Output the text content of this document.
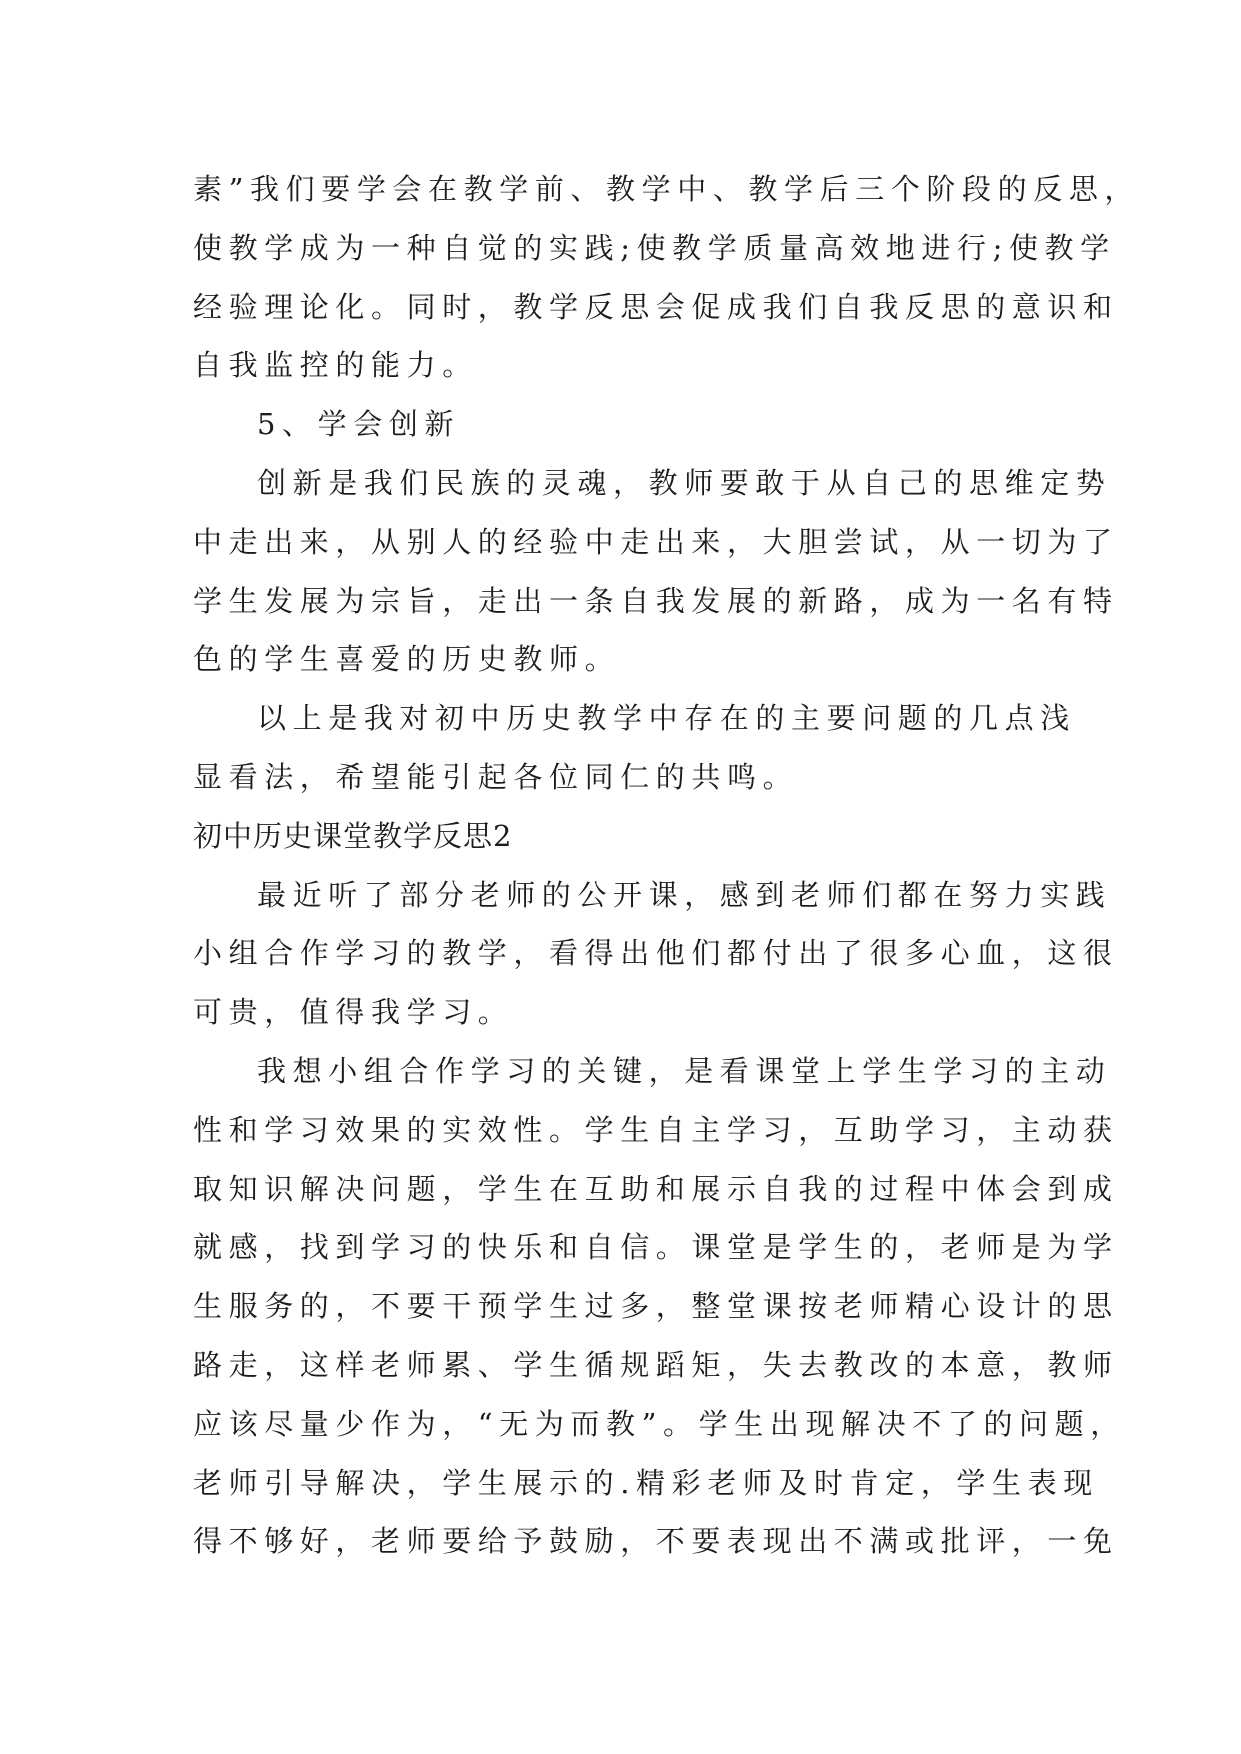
素”我们要学会在教学前、教学中、教学后三个阶段的反思，
使教学成为一种自觉的实践;使教学质量高效地进行;使教学
经验理论化。同时，教学反思会促成我们自我反思的意识和
自我监控的能力。
5、学会创新
创新是我们民族的灵魂，教师要敢于从自己的思维定势
中走出来，从别人的经验中走出来，大胆尝试，从一切为了
学生发展为宗旨，走出一条自我发展的新路，成为一名有特
色的学生喜爱的历史教师。
以上是我对初中历史教学中存在的主要问题的几点浅
显看法，希望能引起各位同仁的共鸣。
初中历史课堂教学反思2
最近听了部分老师的公开课，感到老师们都在努力实践
小组合作学习的教学，看得出他们都付出了很多心血，这很
可贵，值得我学习。
我想小组合作学习的关键，是看课堂上学生学习的主动
性和学习效果的实效性。学生自主学习，互助学习，主动获
取知识解决问题，学生在互助和展示自我的过程中体会到成
就感，找到学习的快乐和自信。课堂是学生的，老师是为学
生服务的，不要干预学生过多，整堂课按老师精心设计的思
路走，这样老师累、学生循规蹈矩，失去教改的本意，教师
应该尽量少作为，“无为而教”。学生出现解决不了的问题，
老师引导解决，学生展示的.精彩老师及时肯定，学生表现
得不够好，老师要给予鼓励，不要表现出不满或批评，一免
